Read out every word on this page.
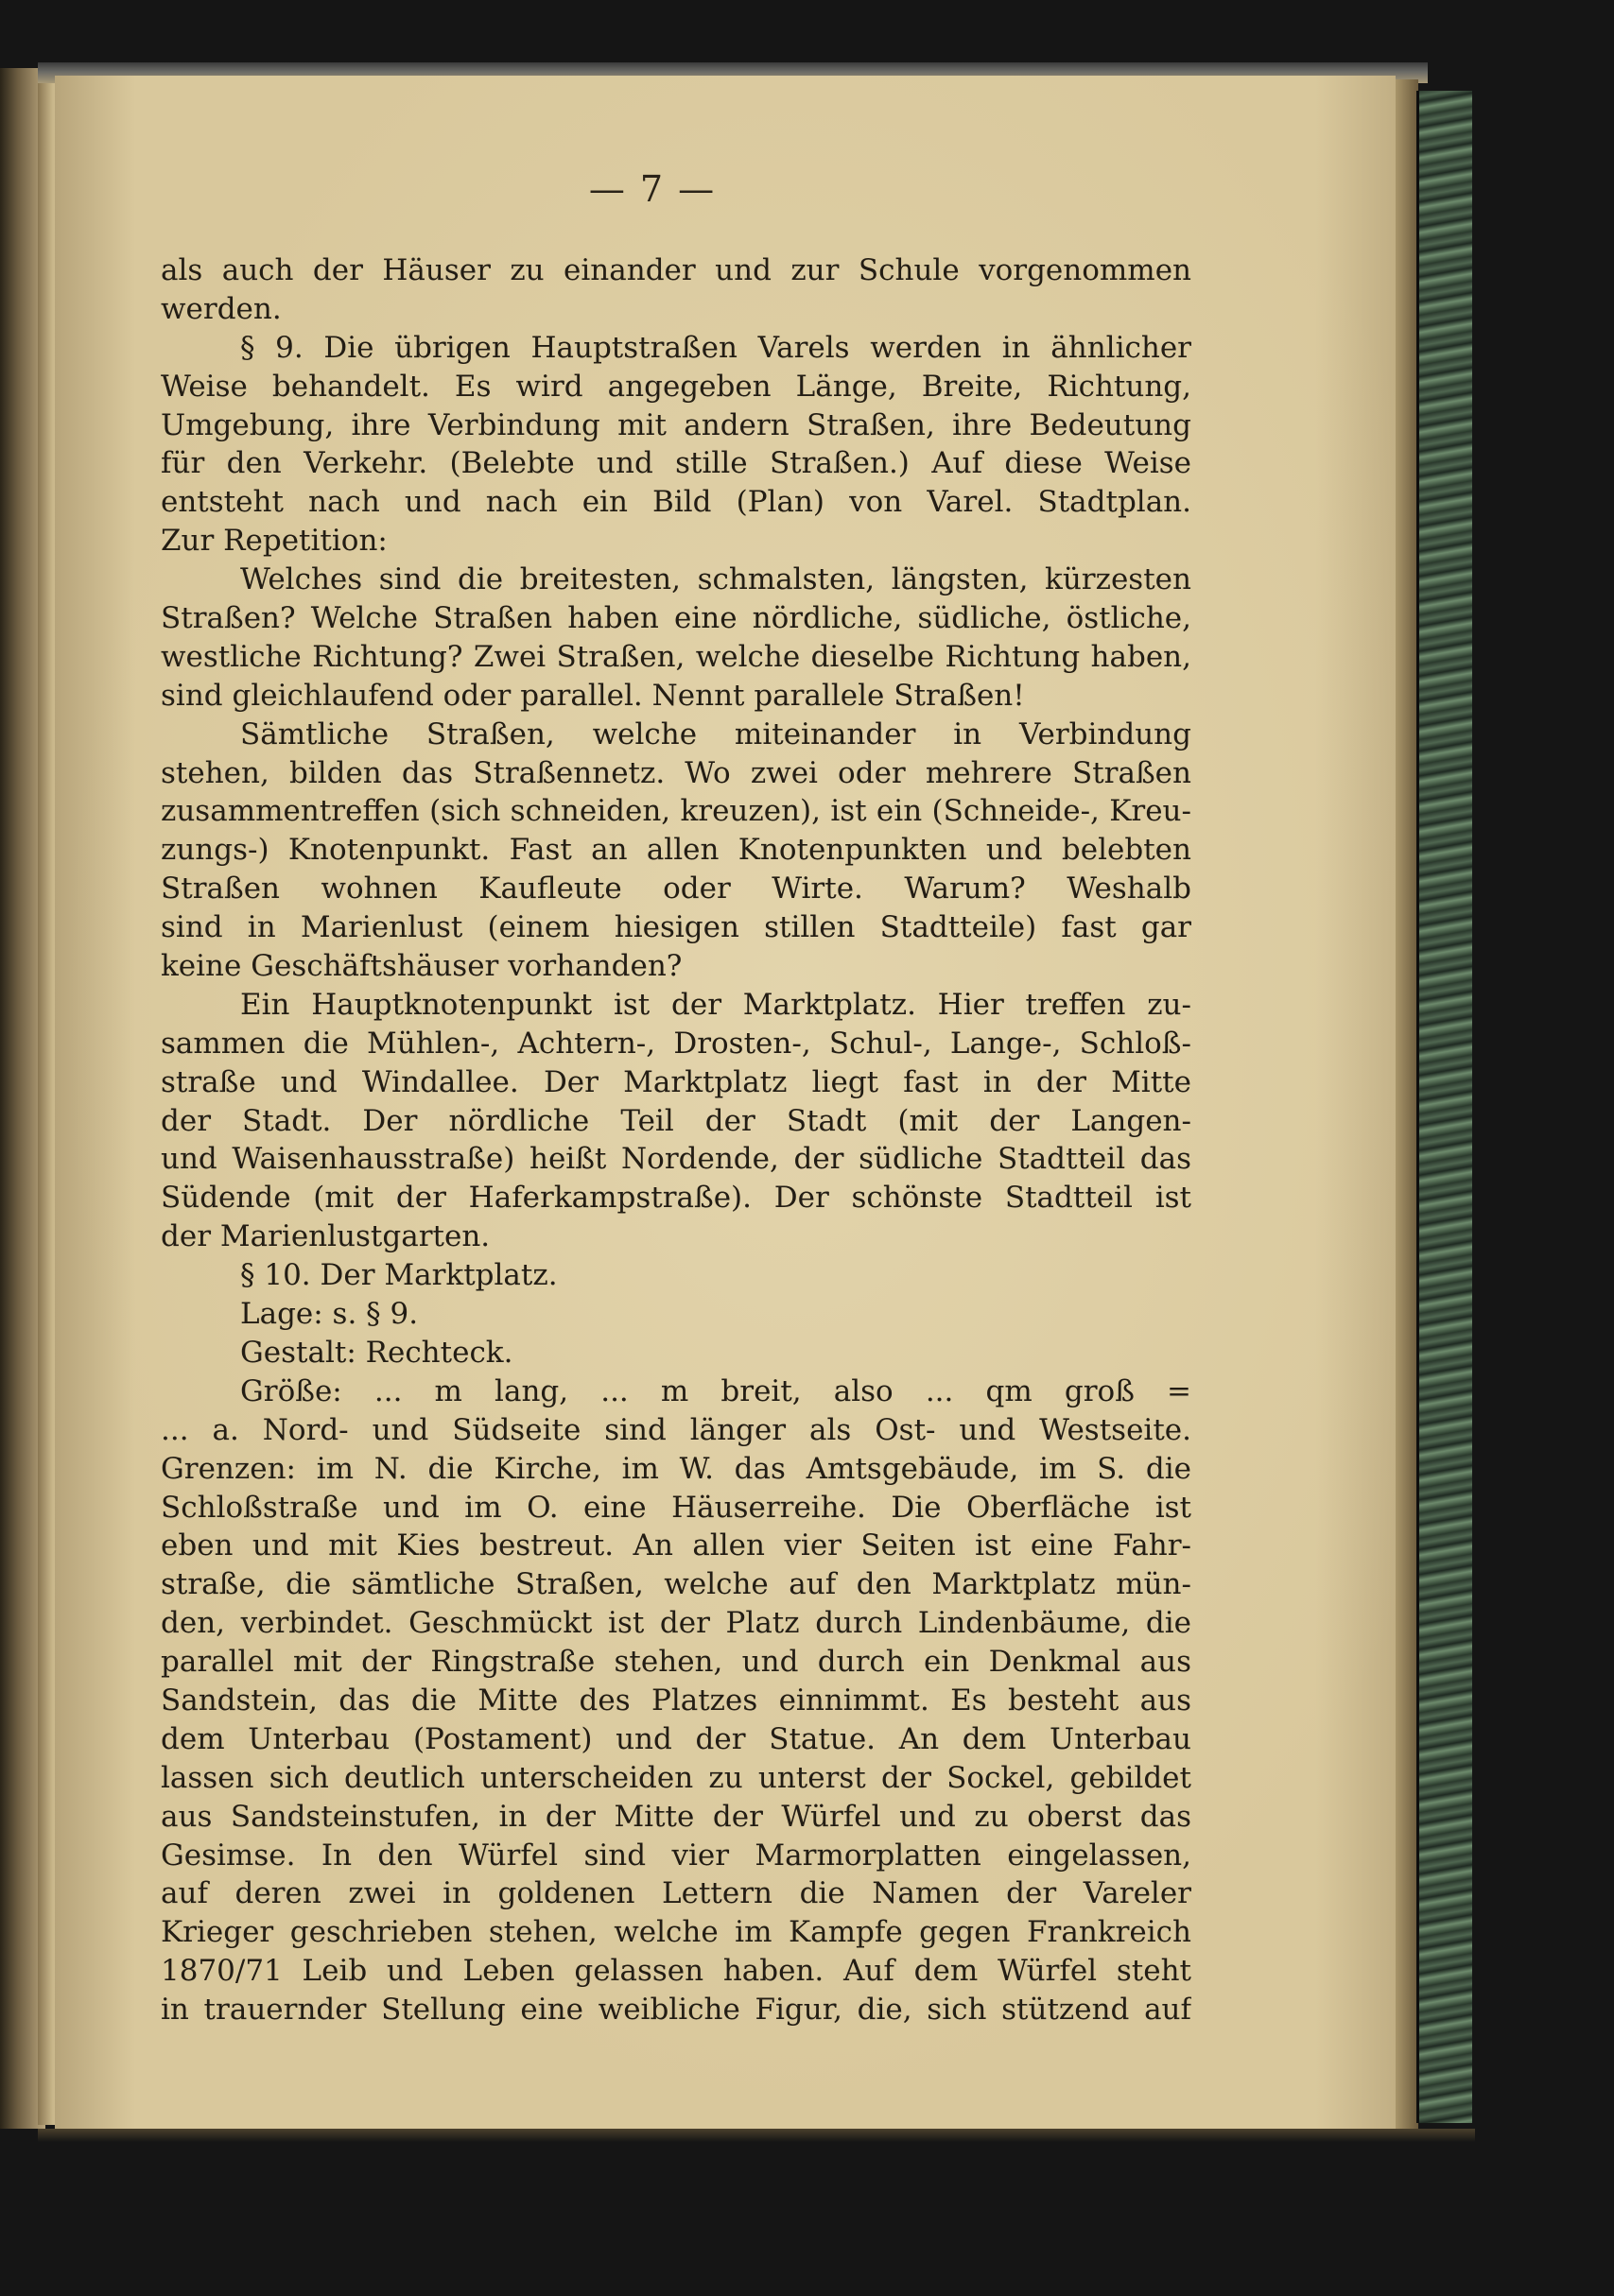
— 7 —
als auch der Häuser zu einander und zur Schule vorgenommen
werden.
§ 9. Die übrigen Hauptstraßen Varels werden in ähnlicher
Weise behandelt. Es wird angegeben Länge, Breite, Richtung,
Umgebung, ihre Verbindung mit andern Straßen, ihre Bedeutung
für den Verkehr. (Belebte und stille Straßen.) Auf diese Weise
entsteht nach und nach ein Bild (Plan) von Varel. Stadtplan.
Zur Repetition:
Welches sind die breitesten, schmalsten, längsten, kürzesten
Straßen? Welche Straßen haben eine nördliche, südliche, östliche,
westliche Richtung? Zwei Straßen, welche dieselbe Richtung haben,
sind gleichlaufend oder parallel. Nennt parallele Straßen!
Sämtliche Straßen, welche miteinander in Verbindung
stehen, bilden das Straßennetz. Wo zwei oder mehrere Straßen
zusammentreffen (sich schneiden, kreuzen), ist ein (Schneide-, Kreu-
zungs-) Knotenpunkt. Fast an allen Knotenpunkten und belebten
Straßen wohnen Kaufleute oder Wirte. Warum? Weshalb
sind in Marienlust (einem hiesigen stillen Stadtteile) fast gar
keine Geschäftshäuser vorhanden?
Ein Hauptknotenpunkt ist der Marktplatz. Hier treffen zu-
sammen die Mühlen-, Achtern-, Drosten-, Schul-, Lange-, Schloß-
straße und Windallee. Der Marktplatz liegt fast in der Mitte
der Stadt. Der nördliche Teil der Stadt (mit der Langen-
und Waisenhausstraße) heißt Nordende, der südliche Stadtteil das
Südende (mit der Haferkampstraße). Der schönste Stadtteil ist
der Marienlustgarten.
§ 10. Der Marktplatz.
Lage: s. § 9.
Gestalt: Rechteck.
Größe: ... m lang, ... m breit, also ... qm groß =
... a. Nord- und Südseite sind länger als Ost- und Westseite.
Grenzen: im N. die Kirche, im W. das Amtsgebäude, im S. die
Schloßstraße und im O. eine Häuserreihe. Die Oberfläche ist
eben und mit Kies bestreut. An allen vier Seiten ist eine Fahr-
straße, die sämtliche Straßen, welche auf den Marktplatz mün-
den, verbindet. Geschmückt ist der Platz durch Lindenbäume, die
parallel mit der Ringstraße stehen, und durch ein Denkmal aus
Sandstein, das die Mitte des Platzes einnimmt. Es besteht aus
dem Unterbau (Postament) und der Statue. An dem Unterbau
lassen sich deutlich unterscheiden zu unterst der Sockel, gebildet
aus Sandsteinstufen, in der Mitte der Würfel und zu oberst das
Gesimse. In den Würfel sind vier Marmorplatten eingelassen,
auf deren zwei in goldenen Lettern die Namen der Vareler
Krieger geschrieben stehen, welche im Kampfe gegen Frankreich
1870/71 Leib und Leben gelassen haben. Auf dem Würfel steht
in trauernder Stellung eine weibliche Figur, die, sich stützend auf
